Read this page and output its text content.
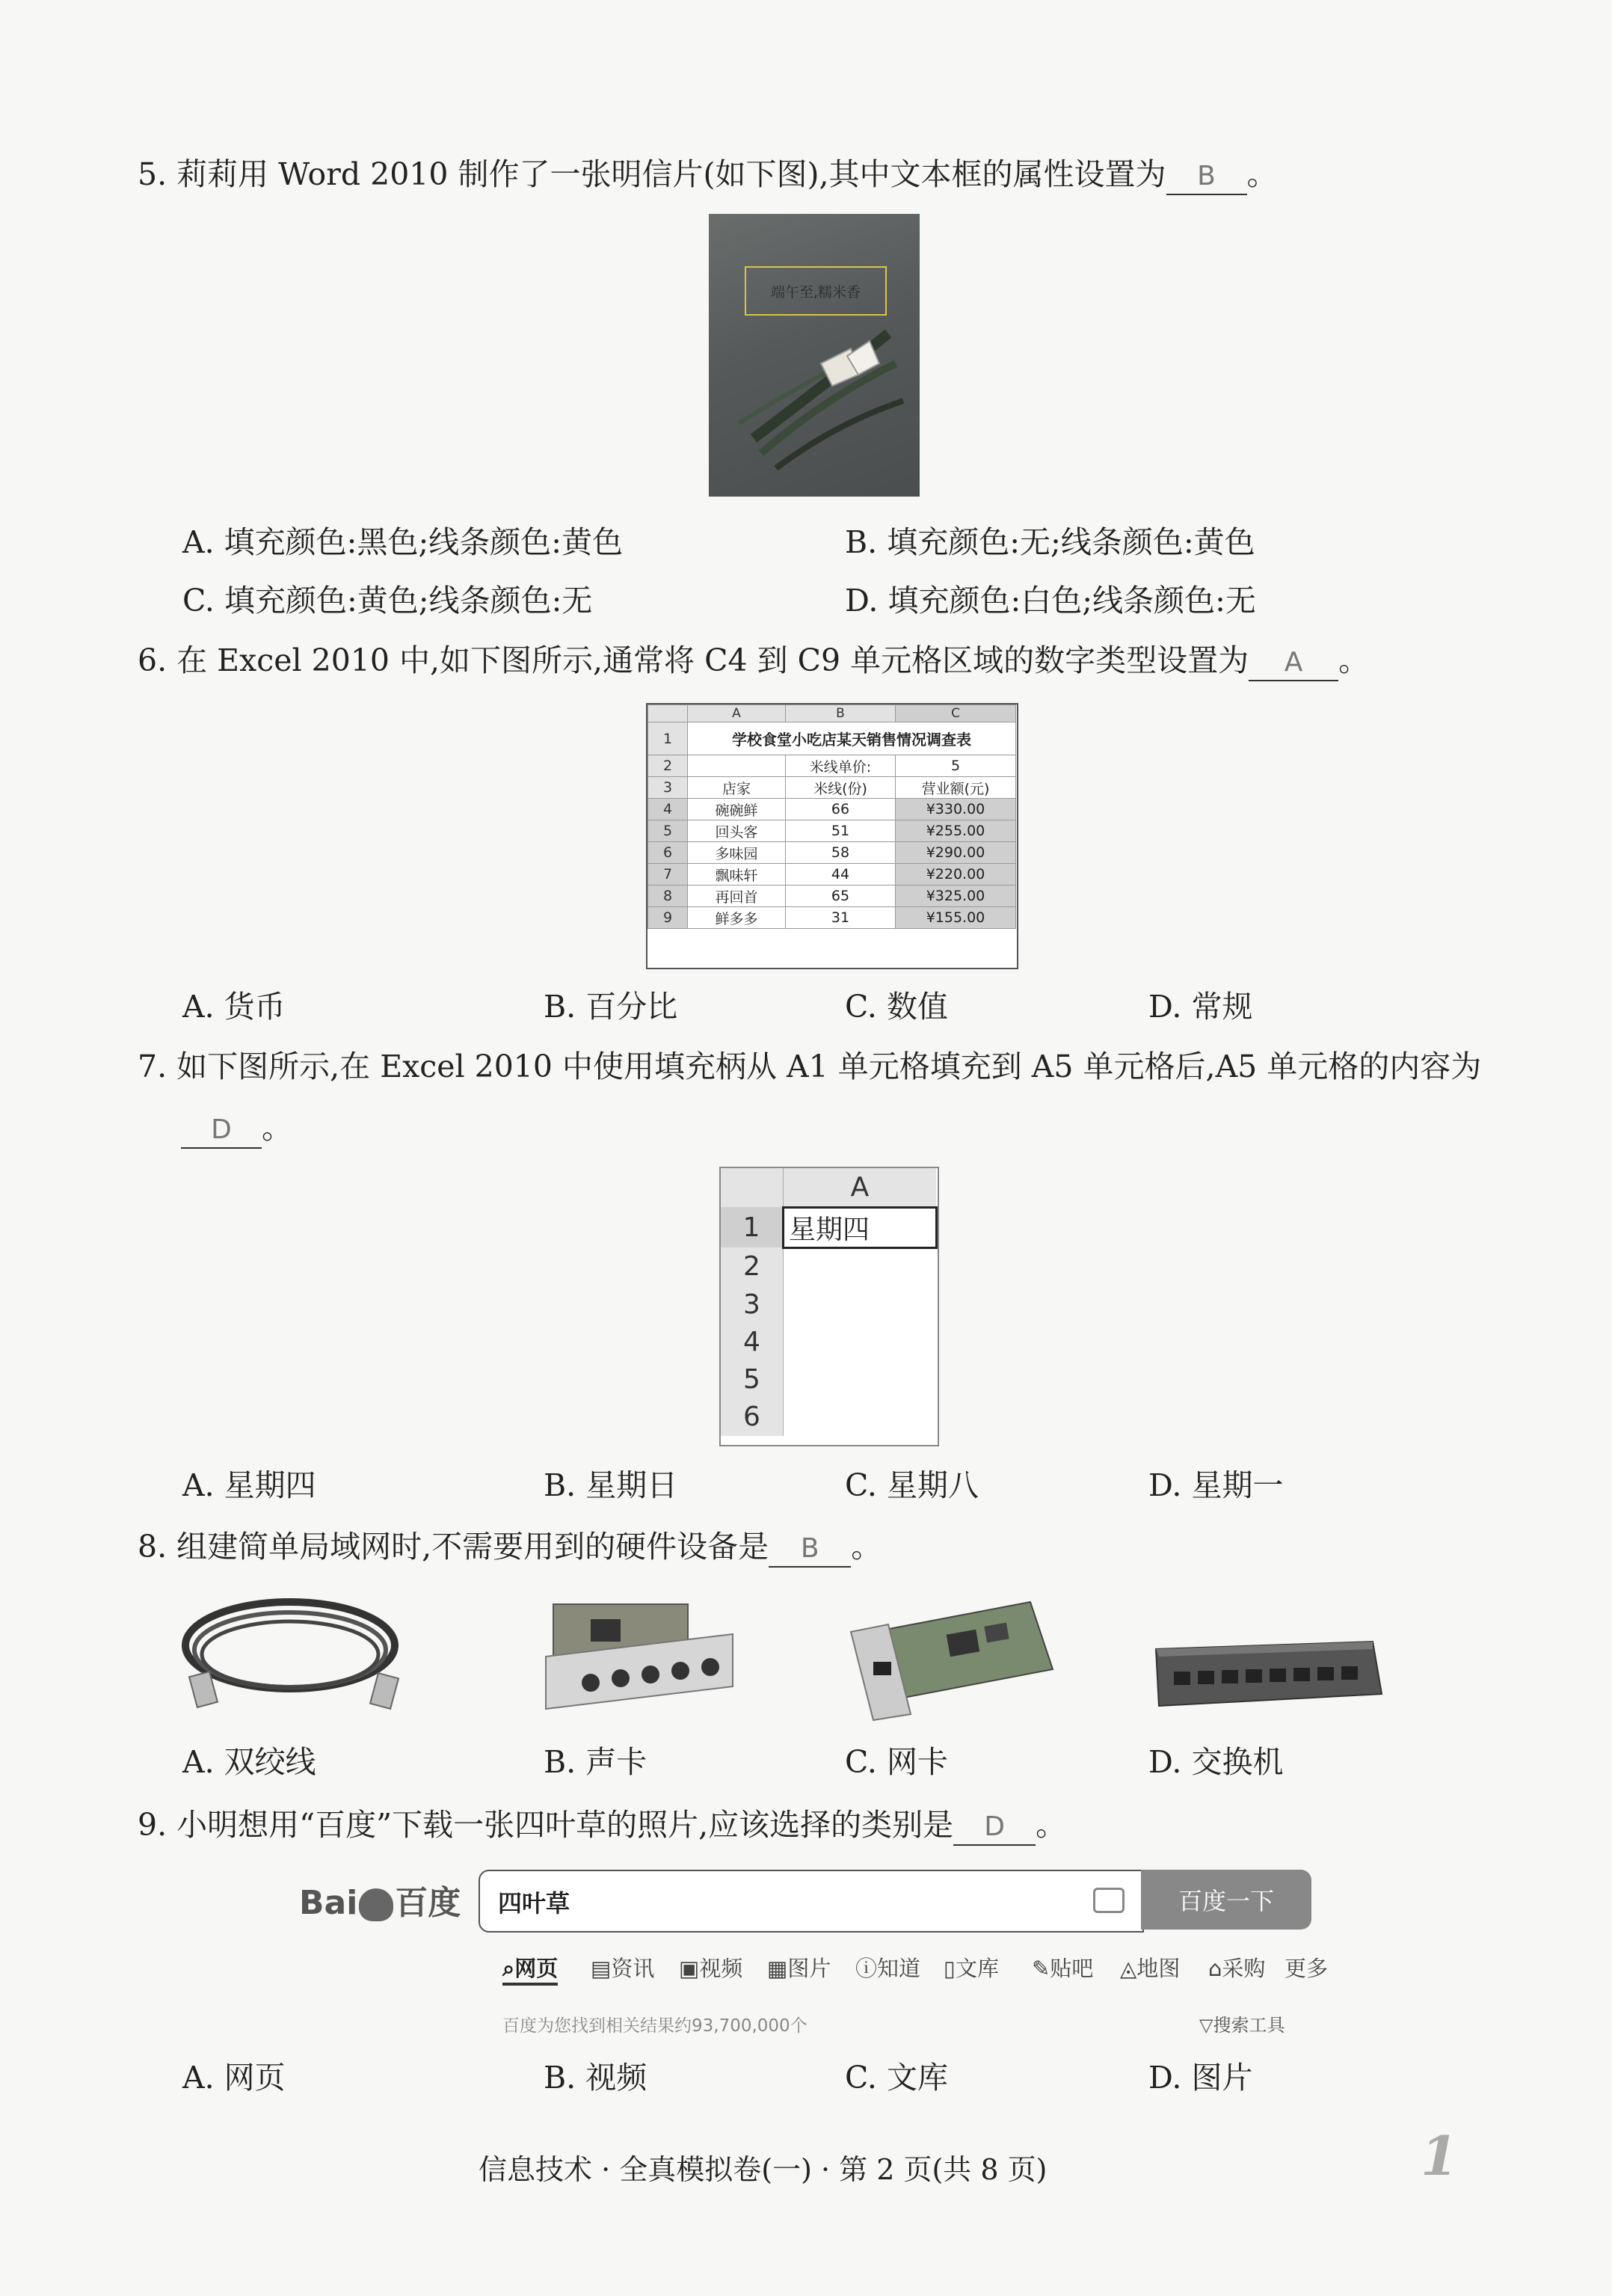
5. 莉莉用 Word 2010 制作了一张明信片(如下图),其中文本框的属性设置为 B 。
端午至,糯米香
A. 填充颜色:黑色;线条颜色:黄色	B. 填充颜色:无;线条颜色:黄色
C. 填充颜色:黄色;线条颜色:无	D. 填充颜色:白色;线条颜色:无
6. 在 Excel 2010 中,如下图所示,通常将 C4 到 C9 单元格区域的数字类型设置为 A 。
	A	B	C
1	学校食堂小吃店某天销售情况调查表		
2		米线单价:	5
3	店家	米线(份)	营业额(元)
4	碗碗鲜	66	¥330.00
5	回头客	51	¥255.00
6	多味园	58	¥290.00
7	飘味轩	44	¥220.00
8	再回首	65	¥325.00
9	鲜多多	31	¥155.00
A. 货币	B. 百分比	C. 数值	D. 常规
7. 如下图所示,在 Excel 2010 中使用填充柄从 A1 单元格填充到 A5 单元格后,A5 单元格的内容为
D 。
	A
1	星期四
2	
3	
4	
5	
6	
A. 星期四	B. 星期日	C. 星期八	D. 星期一
8. 组建简单局域网时,不需要用到的硬件设备是 B 。
A. 双绞线	B. 声卡	C. 网卡	D. 交换机
9. 小明想用“百度”下载一张四叶草的照片,应该选择的类别是 D 。
Bai 百度 四叶草	百度一下
⌕网页 ▤资讯 ▣视频 ▦图片 ⓘ知道 ▯文库 ✎贴吧 ◬地图 ⌂采购 更多
百度为您找到相关结果约93,700,000个	▽搜索工具
A. 网页	B. 视频	C. 文库	D. 图片
信息技术 · 全真模拟卷(一) · 第 2 页(共 8 页)	1
